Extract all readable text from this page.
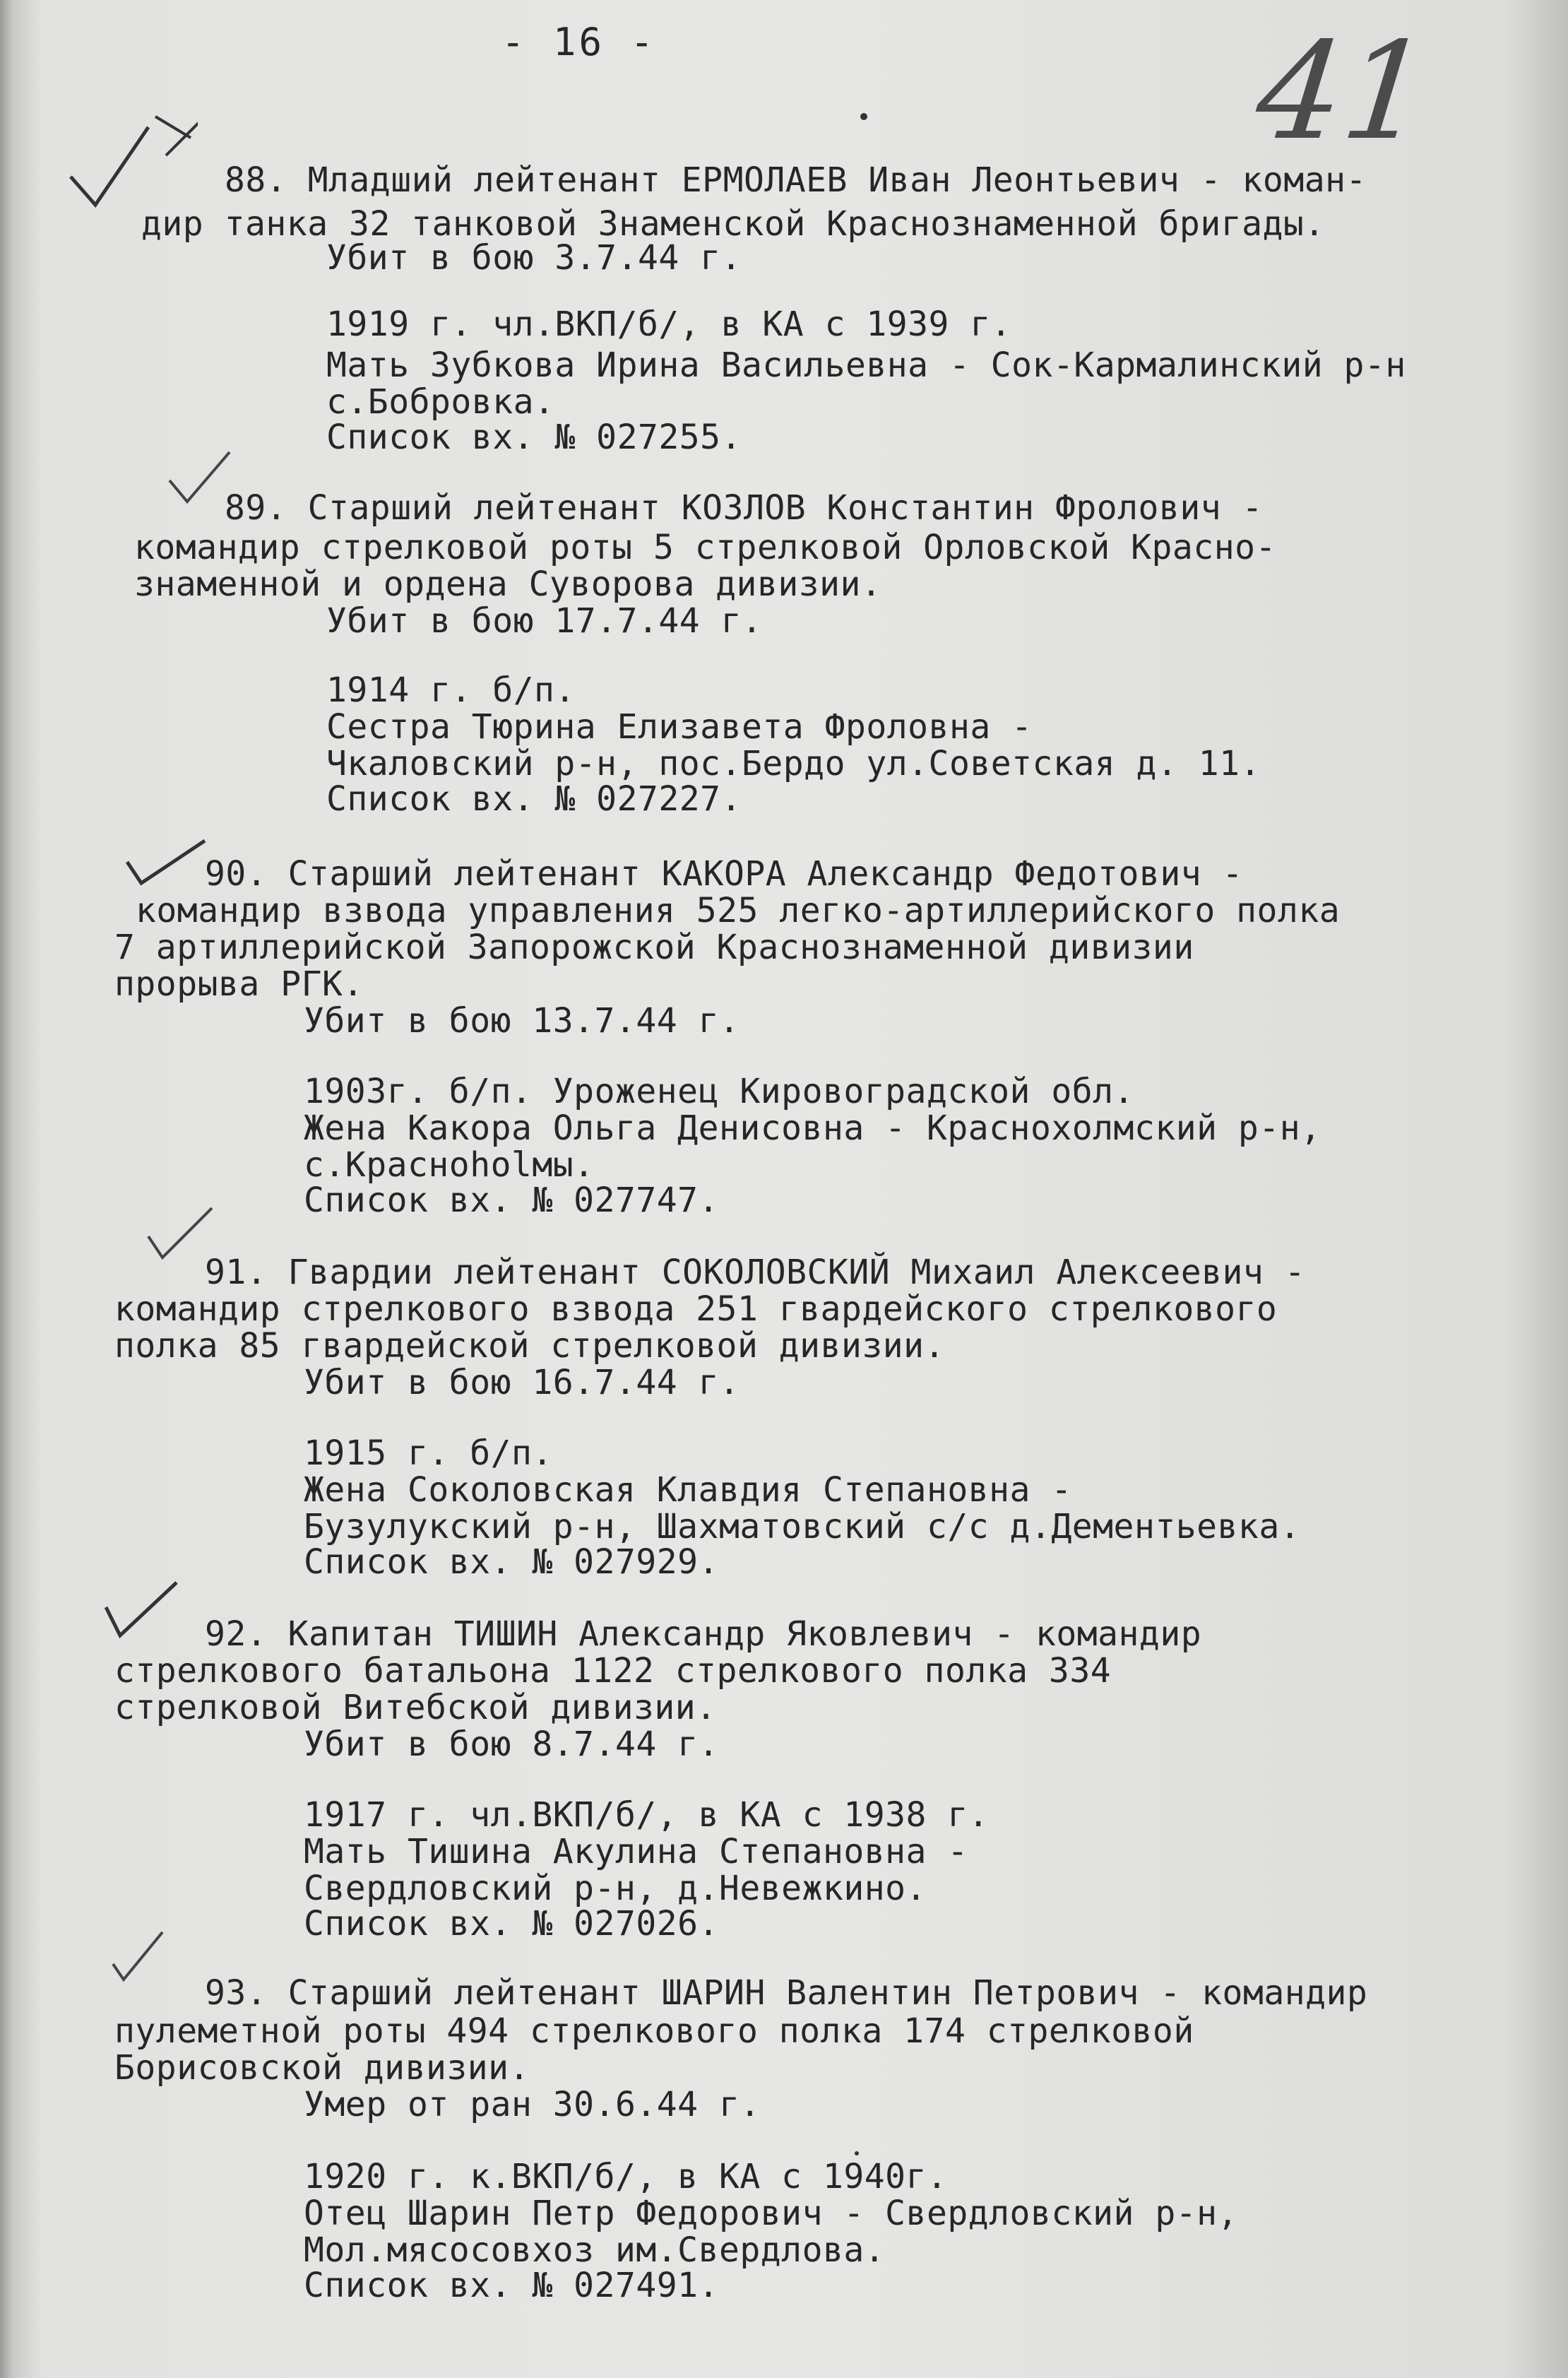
- 16 -	41
88. Младший лейтенант ЕРМОЛАЕВ Иван Леонтьевич - коман-
дир танка 32 танковой Знаменской Краснознаменной бригады.
Убит в бою 3.7.44 г.
1919 г. чл.ВКП/б/, в КА с 1939 г.
Мать Зубкова Ирина Васильевна - Сок-Кармалинский р-н
с.Бобровка.
Список вх. № 027255.
89. Старший лейтенант КОЗЛОВ Константин Фролович -
командир стрелковой роты 5 стрелковой Орловской Красно-
знаменной и ордена Суворова дивизии.
Убит в бою 17.7.44 г.
1914 г. б/п.
Сестра Тюрина Елизавета Фроловна -
Чкаловский р-н, пос.Бердо ул.Советская д. 11.
Список вх. № 027227.
90. Старший лейтенант КАКОРА Александр Федотович -
командир взвода управления 525 легко-артиллерийского полка
7 артиллерийской Запорожской Краснознаменной дивизии
прорыва РГК.
Убит в бою 13.7.44 г.
1903г. б/п. Уроженец Кировоградской обл.
Жена Какора Ольга Денисовна - Краснохолмский р-н,
с.Красноholмы.
Список вх. № 027747.
91. Гвардии лейтенант СОКОЛОВСКИЙ Михаил Алексеевич -
командир стрелкового взвода 251 гвардейского стрелкового
полка 85 гвардейской стрелковой дивизии.
Убит в бою 16.7.44 г.
1915 г. б/п.
Жена Соколовская Клавдия Степановна -
Бузулукский р-н, Шахматовский с/с д.Дементьевка.
Список вх. № 027929.
92. Капитан ТИШИН Александр Яковлевич - командир
стрелкового батальона 1122 стрелкового полка 334
стрелковой Витебской дивизии.
Убит в бою 8.7.44 г.
1917 г. чл.ВКП/б/, в КА с 1938 г.
Мать Тишина Акулина Степановна -
Свердловский р-н, д.Невежкино.
Список вх. № 027026.
93. Старший лейтенант ШАРИН Валентин Петрович - командир
пулеметной роты 494 стрелкового полка 174 стрелковой
Борисовской дивизии.
Умер от ран 30.6.44 г.
1920 г. к.ВКП/б/, в КА с 1940г.
Отец Шарин Петр Федорович - Свердловский р-н,
Мол.мясосовхоз им.Свердлова.
Список вх. № 027491.
